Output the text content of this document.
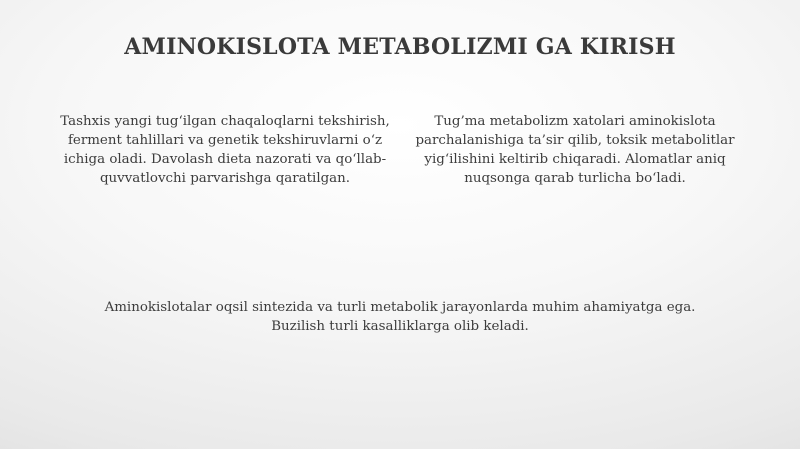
AMINOKISLOTA METABOLIZMI GA KIRISH

Tashxis yangi tug‘ilgan chaqaloqlarni tekshirish, ferment tahlillari va genetik tekshiruvlarni o‘z ichiga oladi. Davolash dieta nazorati va qo‘llab-quvvatlovchi parvarishga qaratilgan.

Tug’ma metabolizm xatolari aminokislota parchalanishiga ta’sir qilib, toksik metabolitlar yig‘ilishini keltirib chiqaradi. Alomatlar aniq nuqsonga qarab turlicha bo‘ladi.

Aminokislotalar oqsil sintezida va turli metabolik jarayonlarda muhim ahamiyatga ega. Buzilish turli kasalliklarga olib keladi.
